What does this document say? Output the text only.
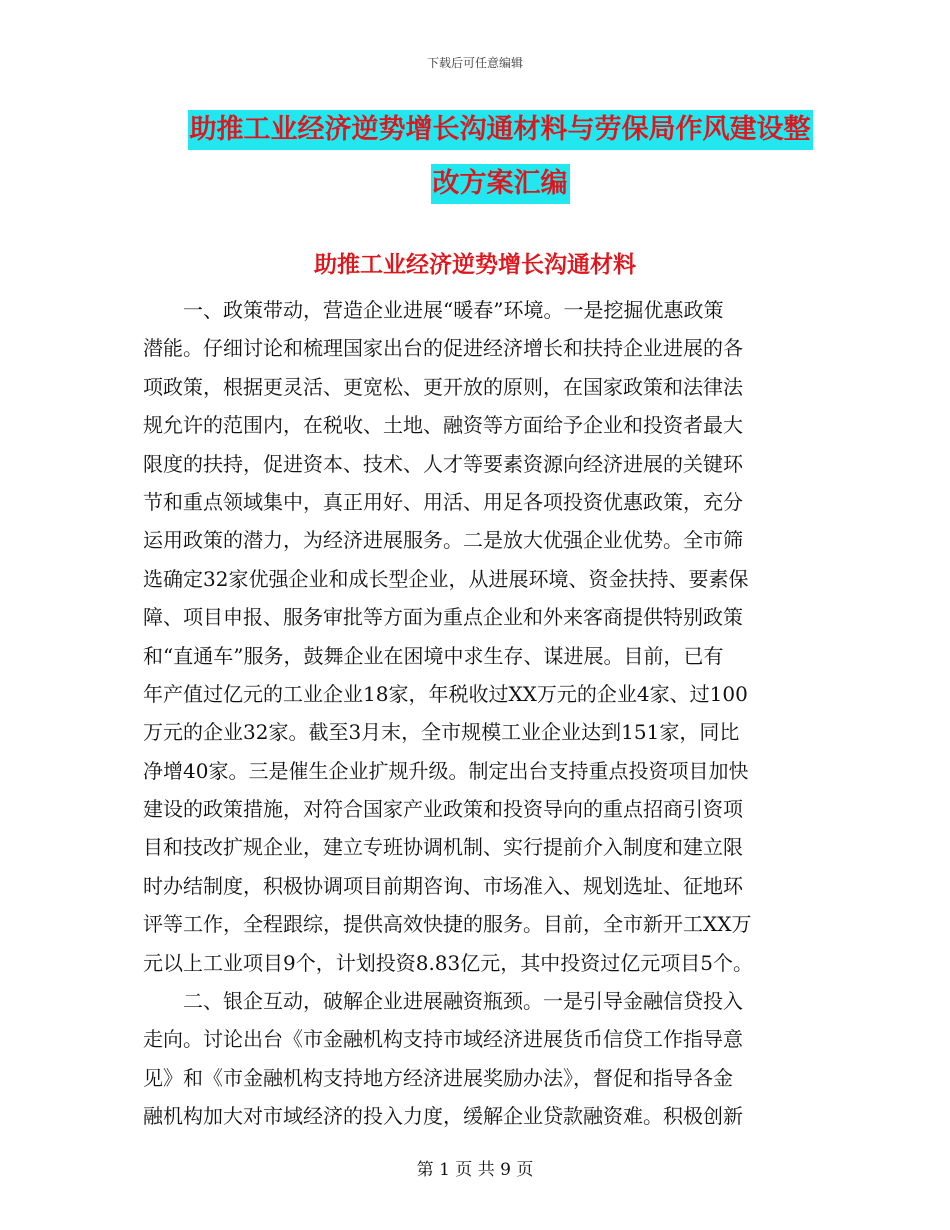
下载后可任意编辑
助推工业经济逆势增长沟通材料与劳保局作风建设整
改方案汇编
助推工业经济逆势增长沟通材料
　　一、政策带动，营造企业进展“暖春”环境。一是挖掘优惠政策
潜能。仔细讨论和梳理国家出台的促进经济增长和扶持企业进展的各
项政策，根据更灵活、更宽松、更开放的原则，在国家政策和法律法
规允许的范围内，在税收、土地、融资等方面给予企业和投资者最大
限度的扶持，促进资本、技术、人才等要素资源向经济进展的关键环
节和重点领域集中，真正用好、用活、用足各项投资优惠政策，充分
运用政策的潜力，为经济进展服务。二是放大优强企业优势。全市筛
选确定32家优强企业和成长型企业，从进展环境、资金扶持、要素保
障、项目申报、服务审批等方面为重点企业和外来客商提供特别政策
和“直通车”服务，鼓舞企业在困境中求生存、谋进展。目前，已有
年产值过亿元的工业企业18家，年税收过XX万元的企业4家、过100
万元的企业32家。截至3月末，全市规模工业企业达到151家，同比
净增40家。三是催生企业扩规升级。制定出台支持重点投资项目加快
建设的政策措施，对符合国家产业政策和投资导向的重点招商引资项
目和技改扩规企业，建立专班协调机制、实行提前介入制度和建立限
时办结制度，积极协调项目前期咨询、市场准入、规划选址、征地环
评等工作，全程跟综，提供高效快捷的服务。目前，全市新开工XX万
元以上工业项目9个，计划投资8.83亿元，其中投资过亿元项目5个。
　　二、银企互动，破解企业进展融资瓶颈。一是引导金融信贷投入
走向。讨论出台《市金融机构支持市域经济进展货币信贷工作指导意
见》和《市金融机构支持地方经济进展奖励办法》，督促和指导各金
融机构加大对市域经济的投入力度，缓解企业贷款融资难。积极创新
第 1 页 共 9 页
